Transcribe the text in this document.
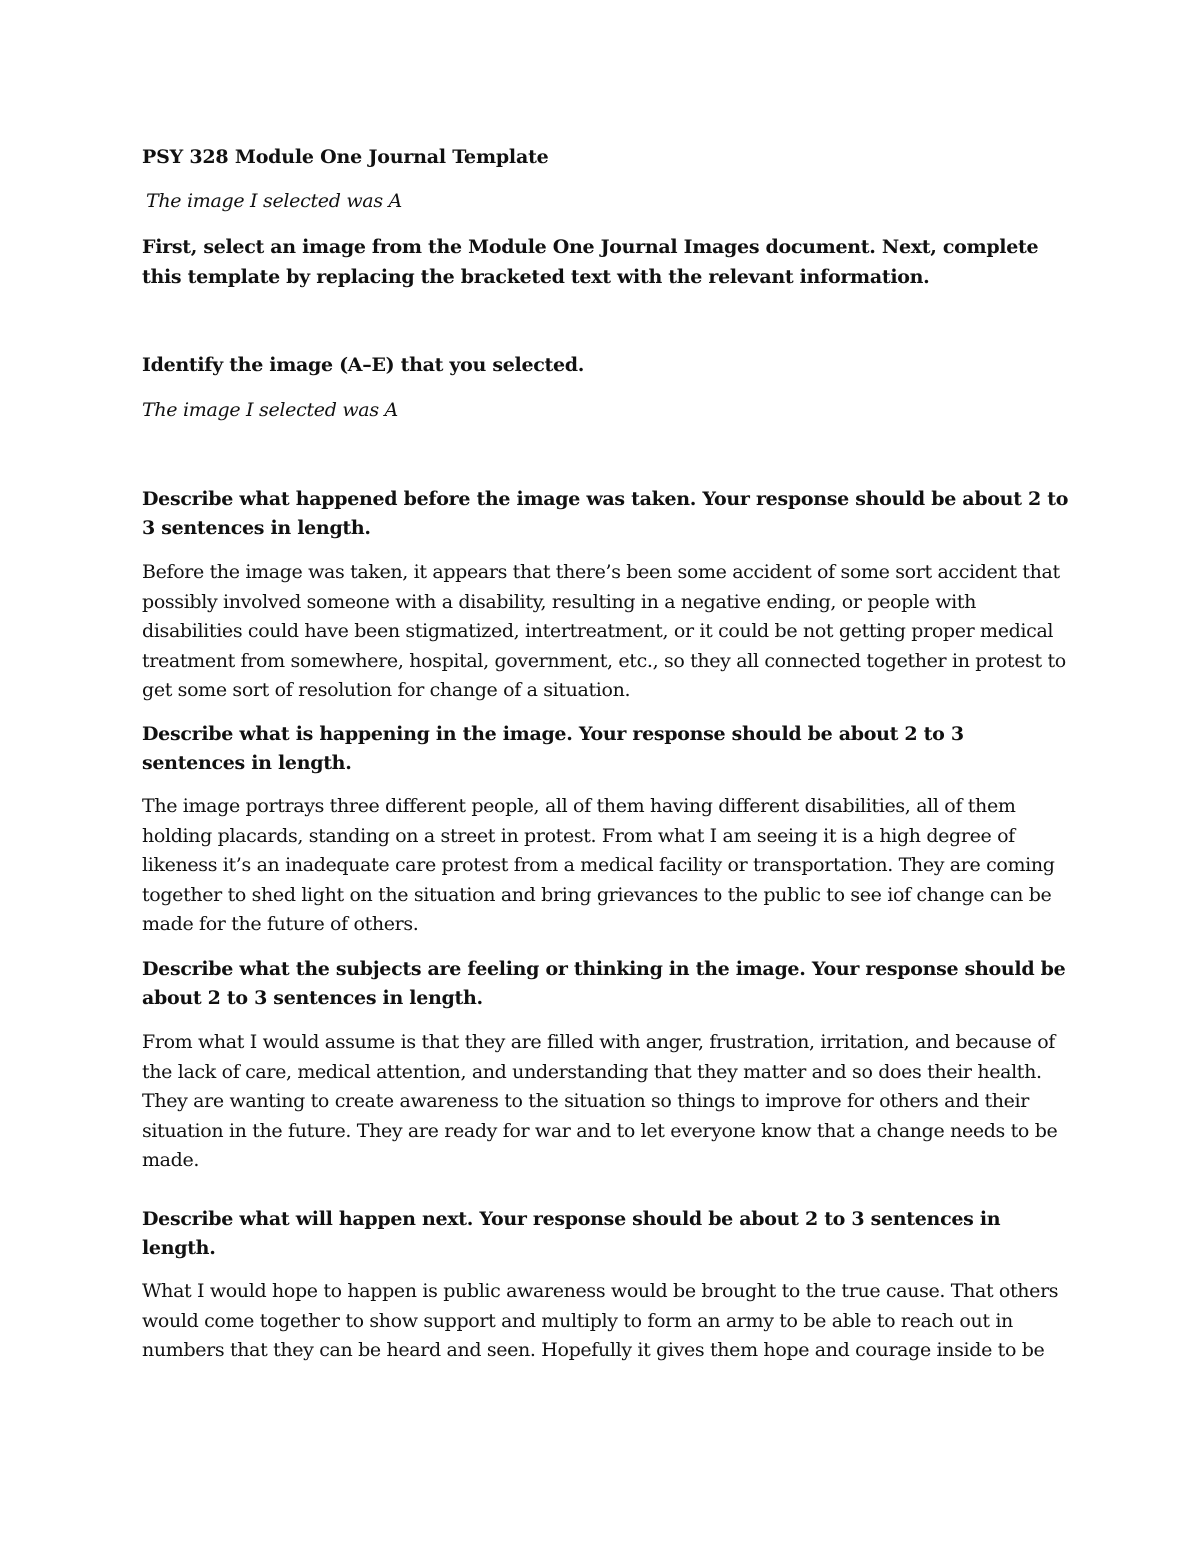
PSY 328 Module One Journal Template
The image I selected was A
First, select an image from the Module One Journal Images document. Next, complete this template by replacing the bracketed text with the relevant information.
Identify the image (A–E) that you selected.
The image I selected was A
Describe what happened before the image was taken. Your response should be about 2 to 3 sentences in length.
Before the image was taken, it appears that there’s been some accident of some sort accident that possibly involved someone with a disability, resulting in a negative ending, or people with disabilities could have been stigmatized, intertreatment, or it could be not getting proper medical treatment from somewhere, hospital, government, etc., so they all connected together in protest to get some sort of resolution for change of a situation.
Describe what is happening in the image. Your response should be about 2 to 3 sentences in length.
The image portrays three different people, all of them having different disabilities, all of them holding placards, standing on a street in protest. From what I am seeing it is a high degree of likeness it’s an inadequate care protest from a medical facility or transportation. They are coming together to shed light on the situation and bring grievances to the public to see iof change can be made for the future of others.
Describe what the subjects are feeling or thinking in the image. Your response should be about 2 to 3 sentences in length.
From what I would assume is that they are filled with anger, frustration, irritation, and because of the lack of care, medical attention, and understanding that they matter and so does their health. They are wanting to create awareness to the situation so things to improve for others and their situation in the future. They are ready for war and to let everyone know that a change needs to be made.
Describe what will happen next. Your response should be about 2 to 3 sentences in length.
What I would hope to happen is public awareness would be brought to the true cause. That others would come together to show support and multiply to form an army to be able to reach out in numbers that they can be heard and seen. Hopefully it gives them hope and courage inside to be
